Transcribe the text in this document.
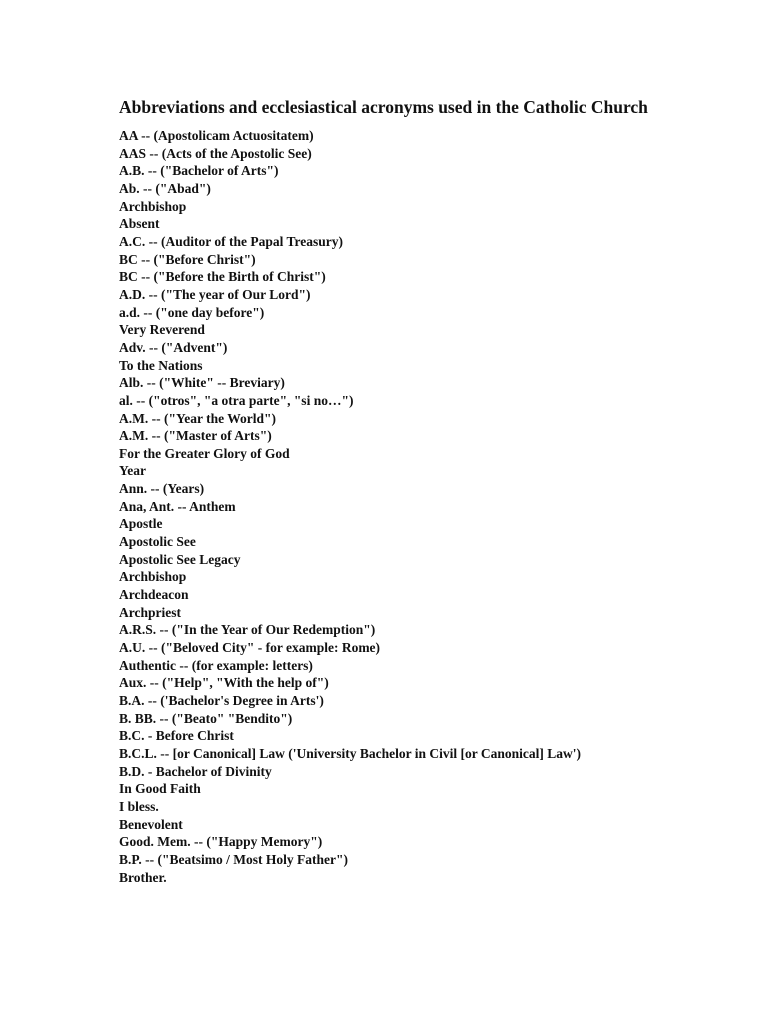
Abbreviations and ecclesiastical acronyms used in the Catholic Church
AA -- (Apostolicam Actuositatem)
AAS -- (Acts of the Apostolic See)
A.B. -- ("Bachelor of Arts")
Ab. -- ("Abad")
Archbishop
Absent
A.C. -- (Auditor of the Papal Treasury)
BC -- ("Before Christ")
BC -- ("Before the Birth of Christ")
A.D. -- ("The year of Our Lord")
a.d. -- ("one day before")
Very Reverend
Adv. -- ("Advent")
To the Nations
Alb. -- ("White" -- Breviary)
al. -- ("otros", "a otra parte", "si no…")
A.M. -- ("Year the World")
A.M. -- ("Master of Arts")
For the Greater Glory of God
Year
Ann. -- (Years)
Ana, Ant. -- Anthem
Apostle
Apostolic See
Apostolic See Legacy
Archbishop
Archdeacon
Archpriest
A.R.S. -- ("In the Year of Our Redemption")
A.U. -- ("Beloved City" - for example: Rome)
Authentic -- (for example: letters)
Aux. -- ("Help", "With the help of")
B.A. -- ('Bachelor's Degree in Arts')
B. BB. -- ("Beato" "Bendito")
B.C. - Before Christ
B.C.L. -- [or Canonical] Law ('University Bachelor in Civil [or Canonical] Law')
B.D. - Bachelor of Divinity
In Good Faith
I bless.
Benevolent
Good. Mem. -- ("Happy Memory")
B.P. -- ("Beatsimo / Most Holy Father")
Brother.
